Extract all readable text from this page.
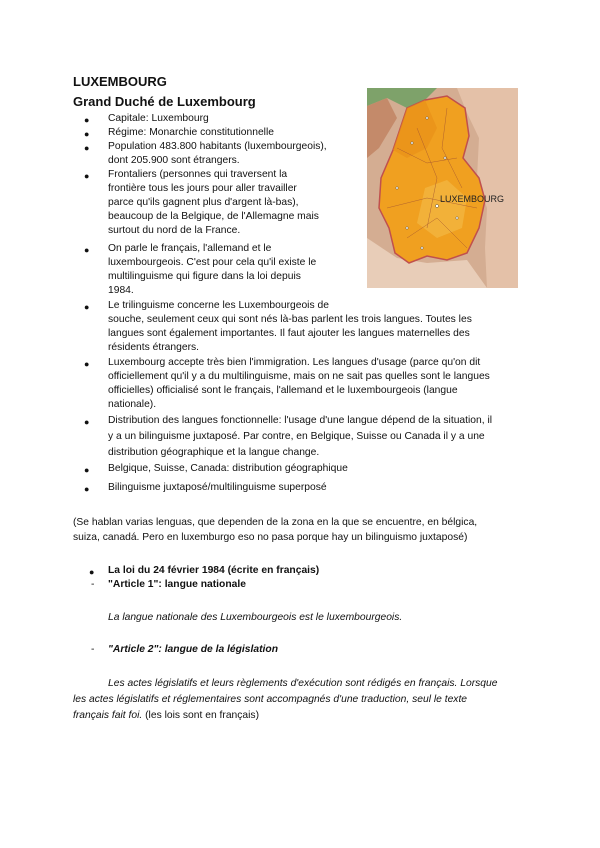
LUXEMBOURG
Grand Duché de Luxembourg
LUXEMBOURG
● Capitale: Luxembourg
● Régime: Monarchie constitutionnelle
● Population 483.800 habitants (luxembourgeois),
dont 205.900 sont étrangers.
● Frontaliers (personnes qui traversent la
frontière tous les jours pour aller travailler
parce qu'ils gagnent plus d'argent là-bas),
beaucoup de la Belgique, de l'Allemagne mais
surtout du nord de la France.
● On parle le français, l'allemand et le
luxembourgeois. C'est pour cela qu'il existe le
multilinguisme qui figure dans la loi depuis
1984.
● Le trilinguisme concerne les Luxembourgeois de
souche, seulement ceux qui sont nés là-bas parlent les trois langues. Toutes les
langues sont également importantes. Il faut ajouter les langues maternelles des
résidents étrangers.
● Luxembourg accepte très bien l'immigration. Les langues d'usage (parce qu'on dit
officiellement qu'il y a du multilinguisme, mais on ne sait pas quelles sont le langues
officielles) officialisé sont le français, l'allemand et le luxembourgeois (langue
nationale).
● Distribution des langues fonctionnelle: l'usage d'une langue dépend de la situation, il
y a un bilinguisme juxtaposé. Par contre, en Belgique, Suisse ou Canada il y a une
distribution géographique et la langue change.
● Belgique, Suisse, Canada: distribution géographique
● Bilinguisme juxtaposé/multilinguisme superposé
(Se hablan varias lenguas, que dependen de la zona en la que se encuentre, en bélgica,
suiza, canadá. Pero en luxemburgo eso no pasa porque hay un bilinguismo juxtaposé)
● La loi du 24 février 1984 (écrite en français)
- "Article 1": langue nationale
La langue nationale des Luxembourgeois est le luxembourgeois.
- "Article 2": langue de la législation
Les actes législatifs et leurs règlements d'exécution sont rédigés en français. Lorsque
les actes législatifs et réglementaires sont accompagnés d'une traduction, seul le texte
français fait foi. (les lois sont en français)
